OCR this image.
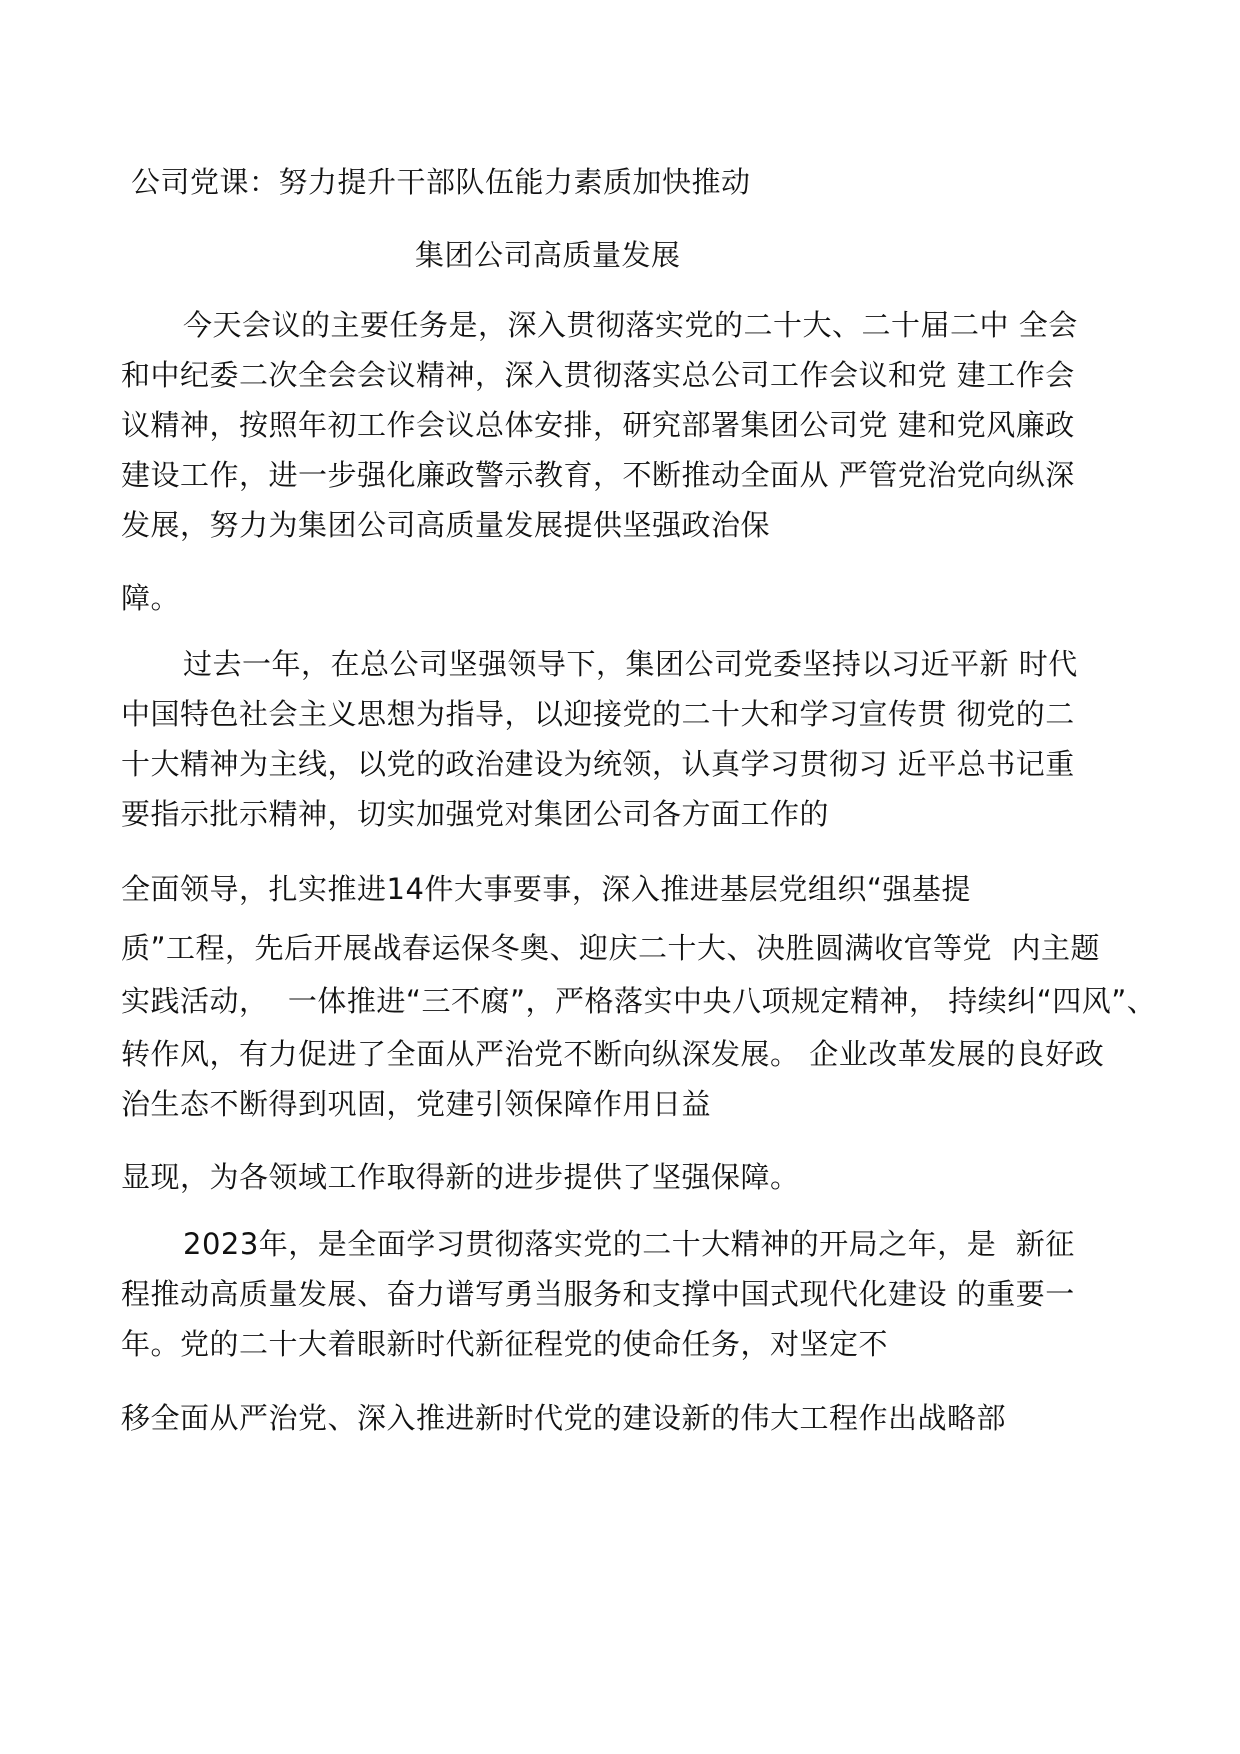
公司党课：努力提升干部队伍能力素质加快推动
集团公司高质量发展
今天会议的主要任务是，深入贯彻落实党的二十大、二十届二中 全会
和中纪委二次全会会议精神，深入贯彻落实总公司工作会议和党 建工作会
议精神，按照年初工作会议总体安排，研究部署集团公司党 建和党风廉政
建设工作，进一步强化廉政警示教育，不断推动全面从 严管党治党向纵深
发展，努力为集团公司高质量发展提供坚强政治保
障。
过去一年，在总公司坚强领导下，集团公司党委坚持以习近平新 时代
中国特色社会主义思想为指导，以迎接党的二十大和学习宣传贯 彻党的二
十大精神为主线，以党的政治建设为统领，认真学习贯彻习 近平总书记重
要指示批示精神，切实加强党对集团公司各方面工作的
全面领导，扎实推进14件大事要事，深入推进基层党组织“强基提
质”工程，先后开展战春运保冬奥、迎庆二十大、决胜圆满收官等党  内主题
实践活动，  一体推进“三不腐”，严格落实中央八项规定精神， 持续纠“四风”、
转作风，有力促进了全面从严治党不断向纵深发展。 企业改革发展的良好政
治生态不断得到巩固，党建引领保障作用日益
显现，为各领域工作取得新的进步提供了坚强保障。
2023年，是全面学习贯彻落实党的二十大精神的开局之年，是  新征
程推动高质量发展、奋力谱写勇当服务和支撑中国式现代化建设 的重要一
年。党的二十大着眼新时代新征程党的使命任务，对坚定不
移全面从严治党、深入推进新时代党的建设新的伟大工程作出战略部
